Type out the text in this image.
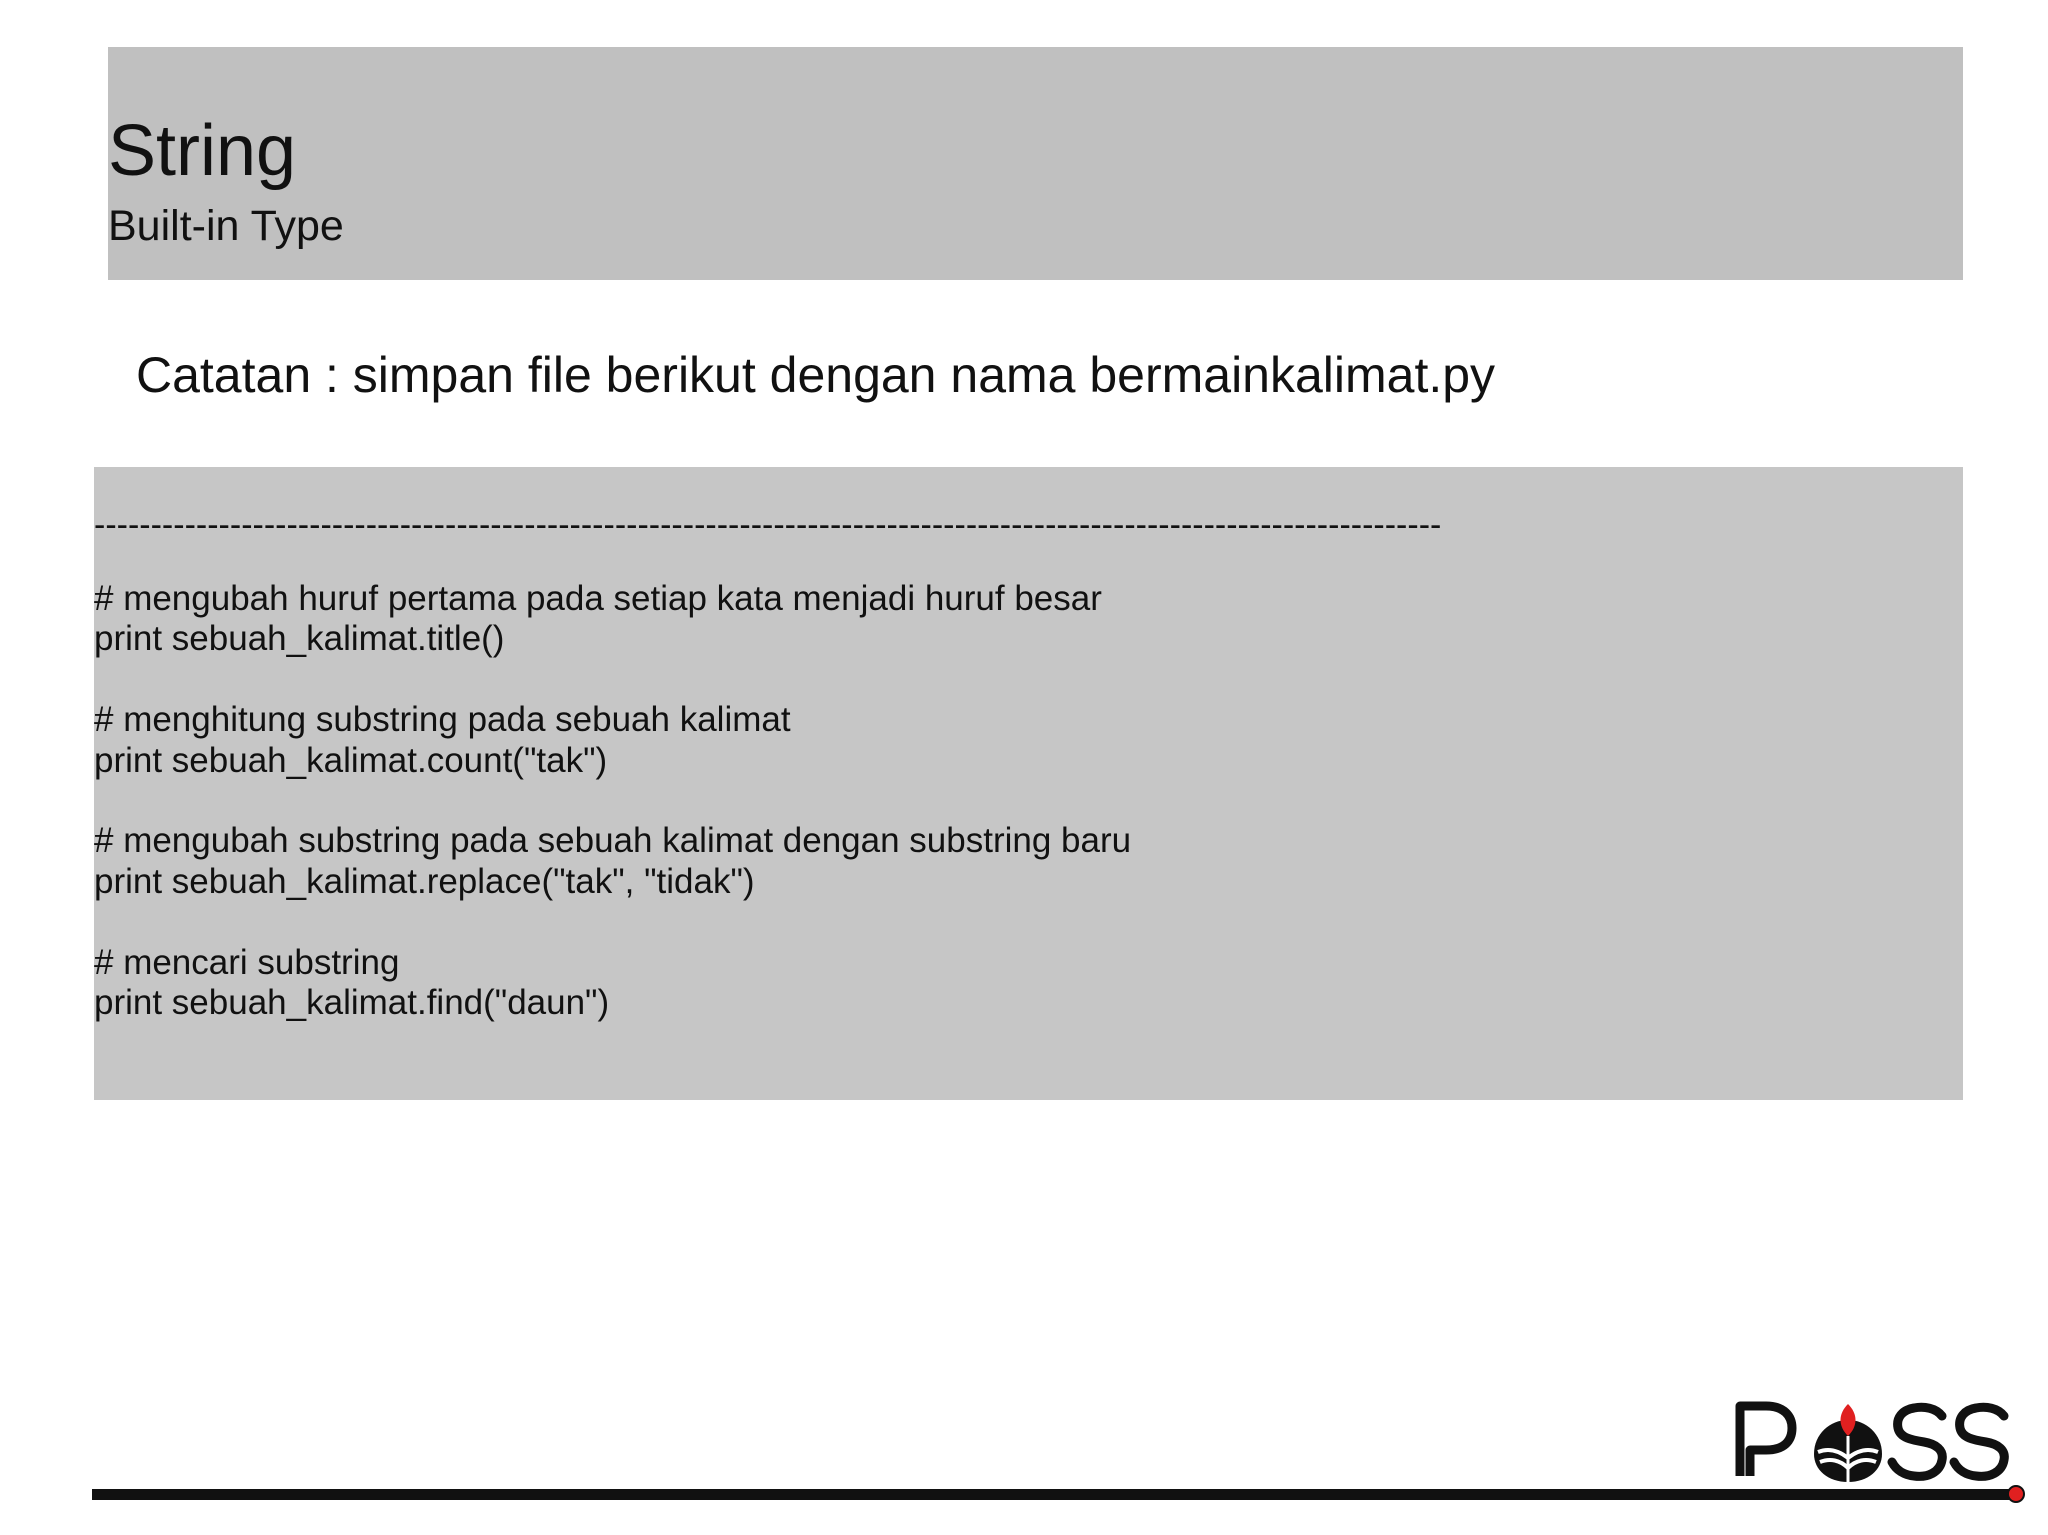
String
Built-in Type
Catatan : simpan file berikut dengan nama bermainkalimat.py
-----------------------------------------------------------------------------------------------------------------------
# mengubah huruf pertama pada setiap kata menjadi huruf besar
print sebuah_kalimat.title()
# menghitung substring pada sebuah kalimat
print sebuah_kalimat.count("tak")
# mengubah substring pada sebuah kalimat dengan substring baru
print sebuah_kalimat.replace("tak", "tidak")
# mencari substring
print sebuah_kalimat.find("daun")
